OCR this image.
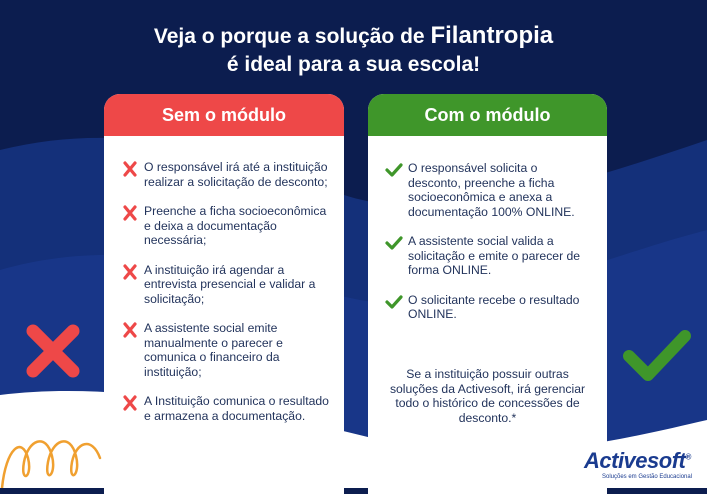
Veja o porque a solução de Filantropia
é ideal para a sua escola!
Sem o módulo
O responsável irá até a instituição realizar a solicitação de desconto;
Preenche a ficha socioeconômica e deixa a documentação necessária;
A instituição irá agendar a entrevista presencial e validar a solicitação;
A assistente social emite manualmente o parecer e comunica o financeiro da instituição;
A Instituição comunica o resultado e armazena a documentação.
Com o módulo
O responsável solicita o desconto, preenche a ficha socioeconômica e anexa a documentação 100% ONLINE.
A assistente social valida a solicitação e emite o parecer de forma ONLINE.
O solicitante recebe o resultado ONLINE.
Se a instituição possuir outras soluções da Activesoft, irá gerenciar todo o histórico de concessões de desconto.*
Activesoft®
Soluções em Gestão Educacional
